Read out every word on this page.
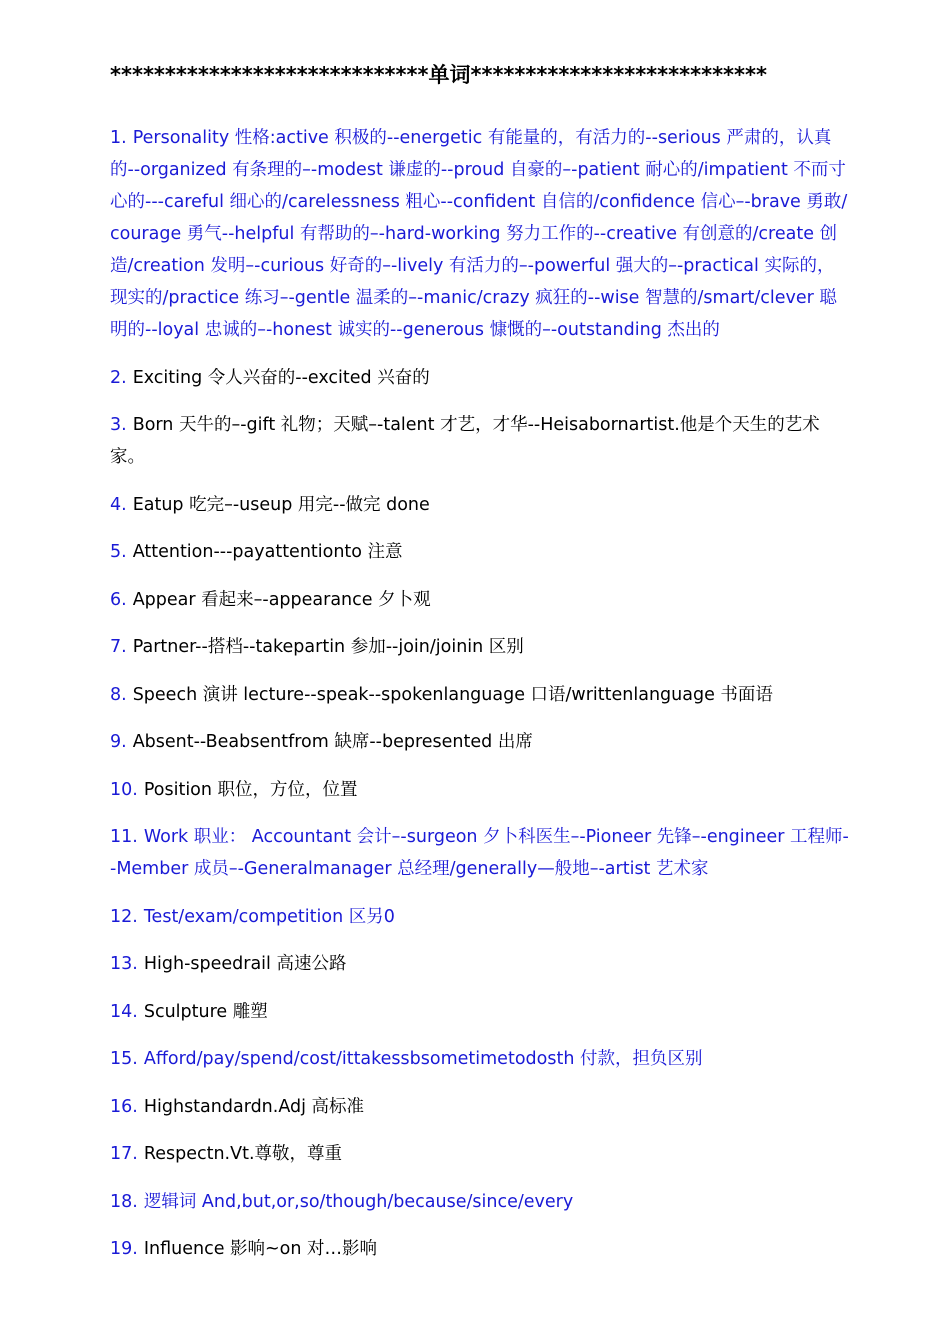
*****************************单词***************************
1. Personality 性格:active 积极的--energetic 有能量的，有活力的--serious 严肃的，认真的--organized 有条理的–-modest 谦虚的--proud 自豪的–-patient 耐心的/impatient 不而寸心的---careful 细心的/carelessness 粗心--confident 自信的/confidence 信心–-brave 勇敢/courage 勇气--helpful 有帮助的–-hard-working 努力工作的--creative 有创意的/create 创造/creation 发明–-curious 好奇的–-lively 有活力的–-powerful 强大的–-practical 实际的，现实的/practice 练习–-gentle 温柔的–-manic/crazy 疯狂的--wise 智慧的/smart/clever 聪明的--loyal 忠诚的–-honest 诚实的--generous 慷慨的–-outstanding 杰出的
2. Exciting 令人兴奋的--excited 兴奋的
3. Born 天牛的–-gift 礼物；天赋–-talent 才艺，才华--Heisabornartist.他是个天生的艺术家。
4. Eatup 吃完–-useup 用完--做完 done
5. Attention---payattentionto 注意
6. Appear 看起来–-appearance 夕卜观
7. Partner--搭档--takepartin 参加--join/joinin 区别
8. Speech 演讲 lecture--speak--spokenlanguage 口语/writtenlanguage 书面语
9. Absent--Beabsentfrom 缺席--bepresented 出席
10. Position 职位，方位，位置
11. Work 职业： Accountant 会计–-surgeon 夕卜科医生–-Pioneer 先锋–-engineer 工程师--Member 成员–-Generalmanager 总经理/generally—般地–-artist 艺术家
12. Test/exam/competition 区另0
13. High-speedrail 高速公路
14. Sculpture 雕塑
15. Afford/pay/spend/cost/ittakessbsometimetodosth 付款，担负区别
16. Highstandardn.Adj 高标准
17. Respectn.Vt.尊敬，尊重
18. 逻辑词 And,but,or,so/though/because/since/every
19. Influence 影响~on 对…影响
